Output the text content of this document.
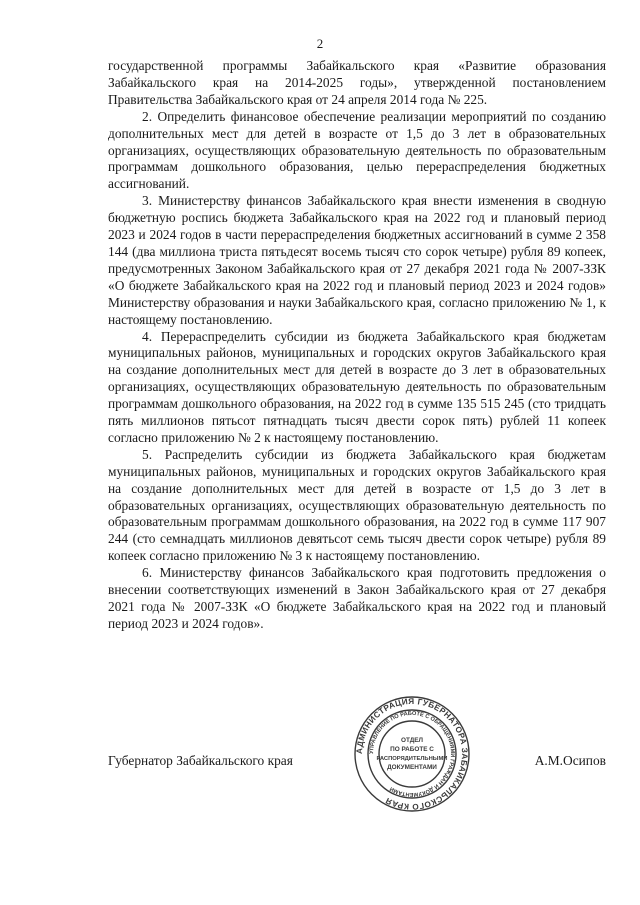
2

государственной программы Забайкальского края «Развитие образования Забайкальского края на 2014-2025 годы», утвержденной постановлением Правительства Забайкальского края от 24 апреля 2014 года № 225.

2. Определить финансовое обеспечение реализации мероприятий по созданию дополнительных мест для детей в возрасте от 1,5 до 3 лет в образовательных организациях, осуществляющих образовательную деятельность по образовательным программам дошкольного образования, целью перераспределения бюджетных ассигнований.

3. Министерству финансов Забайкальского края внести изменения в сводную бюджетную роспись бюджета Забайкальского края на 2022 год и плановый период 2023 и 2024 годов в части перераспределения бюджетных ассигнований в сумме 2 358 144 (два миллиона триста пятьдесят восемь тысяч сто сорок четыре) рубля 89 копеек, предусмотренных Законом Забайкальского края от 27 декабря 2021 года № 2007-ЗЗК «О бюджете Забайкальского края на 2022 год и плановый период 2023 и 2024 годов» Министерству образования и науки Забайкальского края, согласно приложению № 1, к настоящему постановлению.

4. Перераспределить субсидии из бюджета Забайкальского края бюджетам муниципальных районов, муниципальных и городских округов Забайкальского края на создание дополнительных мест для детей в возрасте до 3 лет в образовательных организациях, осуществляющих образовательную деятельность по образовательным программам дошкольного образования, на 2022 год в сумме 135 515 245 (сто тридцать пять миллионов пятьсот пятнадцать тысяч двести сорок пять) рублей 11 копеек согласно приложению № 2 к настоящему постановлению.

5. Распределить субсидии из бюджета Забайкальского края бюджетам муниципальных районов, муниципальных и городских округов Забайкальского края на создание дополнительных мест для детей в возрасте от 1,5 до 3 лет в образовательных организациях, осуществляющих образовательную деятельность по образовательным программам дошкольного образования, на 2022 год в сумме 117 907 244 (сто семнадцать миллионов девятьсот семь тысяч двести сорок четыре) рубля 89 копеек согласно приложению № 3 к настоящему постановлению.

6. Министерству финансов Забайкальского края подготовить предложения о внесении соответствующих изменений в Закон Забайкальского края от 27 декабря 2021 года № 2007-ЗЗК «О бюджете Забайкальского края на 2022 год и плановый период 2023 и 2024 годов».

АДМИНИСТРАЦИЯ ГУБЕРНАТОРА ЗАБАЙКАЛЬСКОГО КРАЯ
УПРАВЛЕНИЕ ПО РАБОТЕ С ОБРАЩЕНИЯМИ ГРАЖДАН И ДОКУМЕНТАМИ
ОТДЕЛ
ПО РАБОТЕ С
РАСПОРЯДИТЕЛЬНЫМИ
ДОКУМЕНТАМИ
Губернатор Забайкальского края	А.М.Осипов
